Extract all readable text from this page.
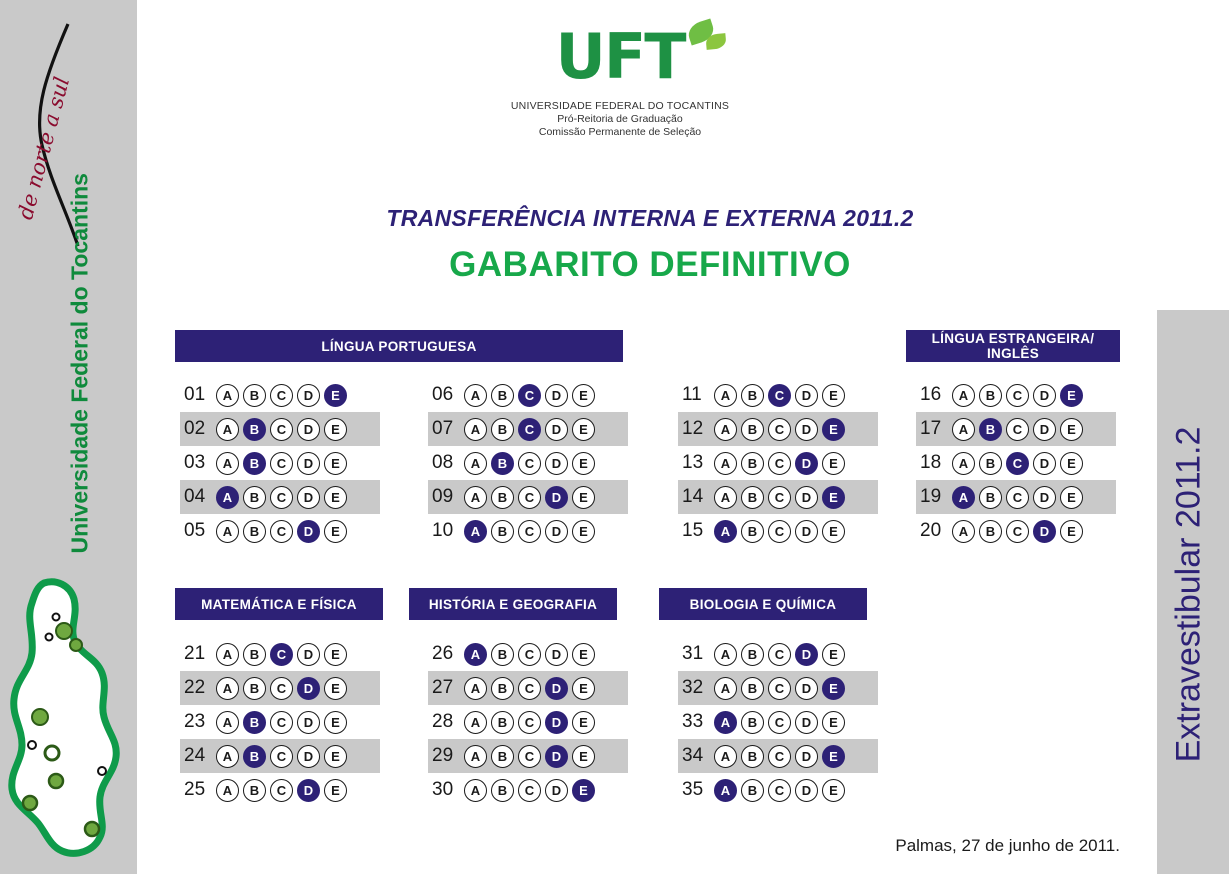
de norte a sul
Universidade Federal do Tocantins
Extravestibular 2011.2
UFT
UNIVERSIDADE FEDERAL DO TOCANTINS
Pró-Reitoria de Graduação
Comissão Permanente de Seleção
TRANSFERÊNCIA INTERNA E EXTERNA 2011.2
GABARITO DEFINITIVO
LÍNGUA PORTUGUESA	LÍNGUA ESTRANGEIRA/ INGLÊS
MATEMÁTICA E FÍSICA	HISTÓRIA E GEOGRAFIA	BIOLOGIA E QUÍMICA
01	A	B	C	D	E
02	A	B	C	D	E
03	A	B	C	D	E
04	A	B	C	D	E
05	A	B	C	D	E
06	A	B	C	D	E
07	A	B	C	D	E
08	A	B	C	D	E
09	A	B	C	D	E
10	A	B	C	D	E
11	A	B	C	D	E
12	A	B	C	D	E
13	A	B	C	D	E
14	A	B	C	D	E
15	A	B	C	D	E
16	A	B	C	D	E
17	A	B	C	D	E
18	A	B	C	D	E
19	A	B	C	D	E
20	A	B	C	D	E
21	A	B	C	D	E
22	A	B	C	D	E
23	A	B	C	D	E
24	A	B	C	D	E
25	A	B	C	D	E
26	A	B	C	D	E
27	A	B	C	D	E
28	A	B	C	D	E
29	A	B	C	D	E
30	A	B	C	D	E
31	A	B	C	D	E
32	A	B	C	D	E
33	A	B	C	D	E
34	A	B	C	D	E
35	A	B	C	D	E
Palmas, 27 de junho de 2011.
